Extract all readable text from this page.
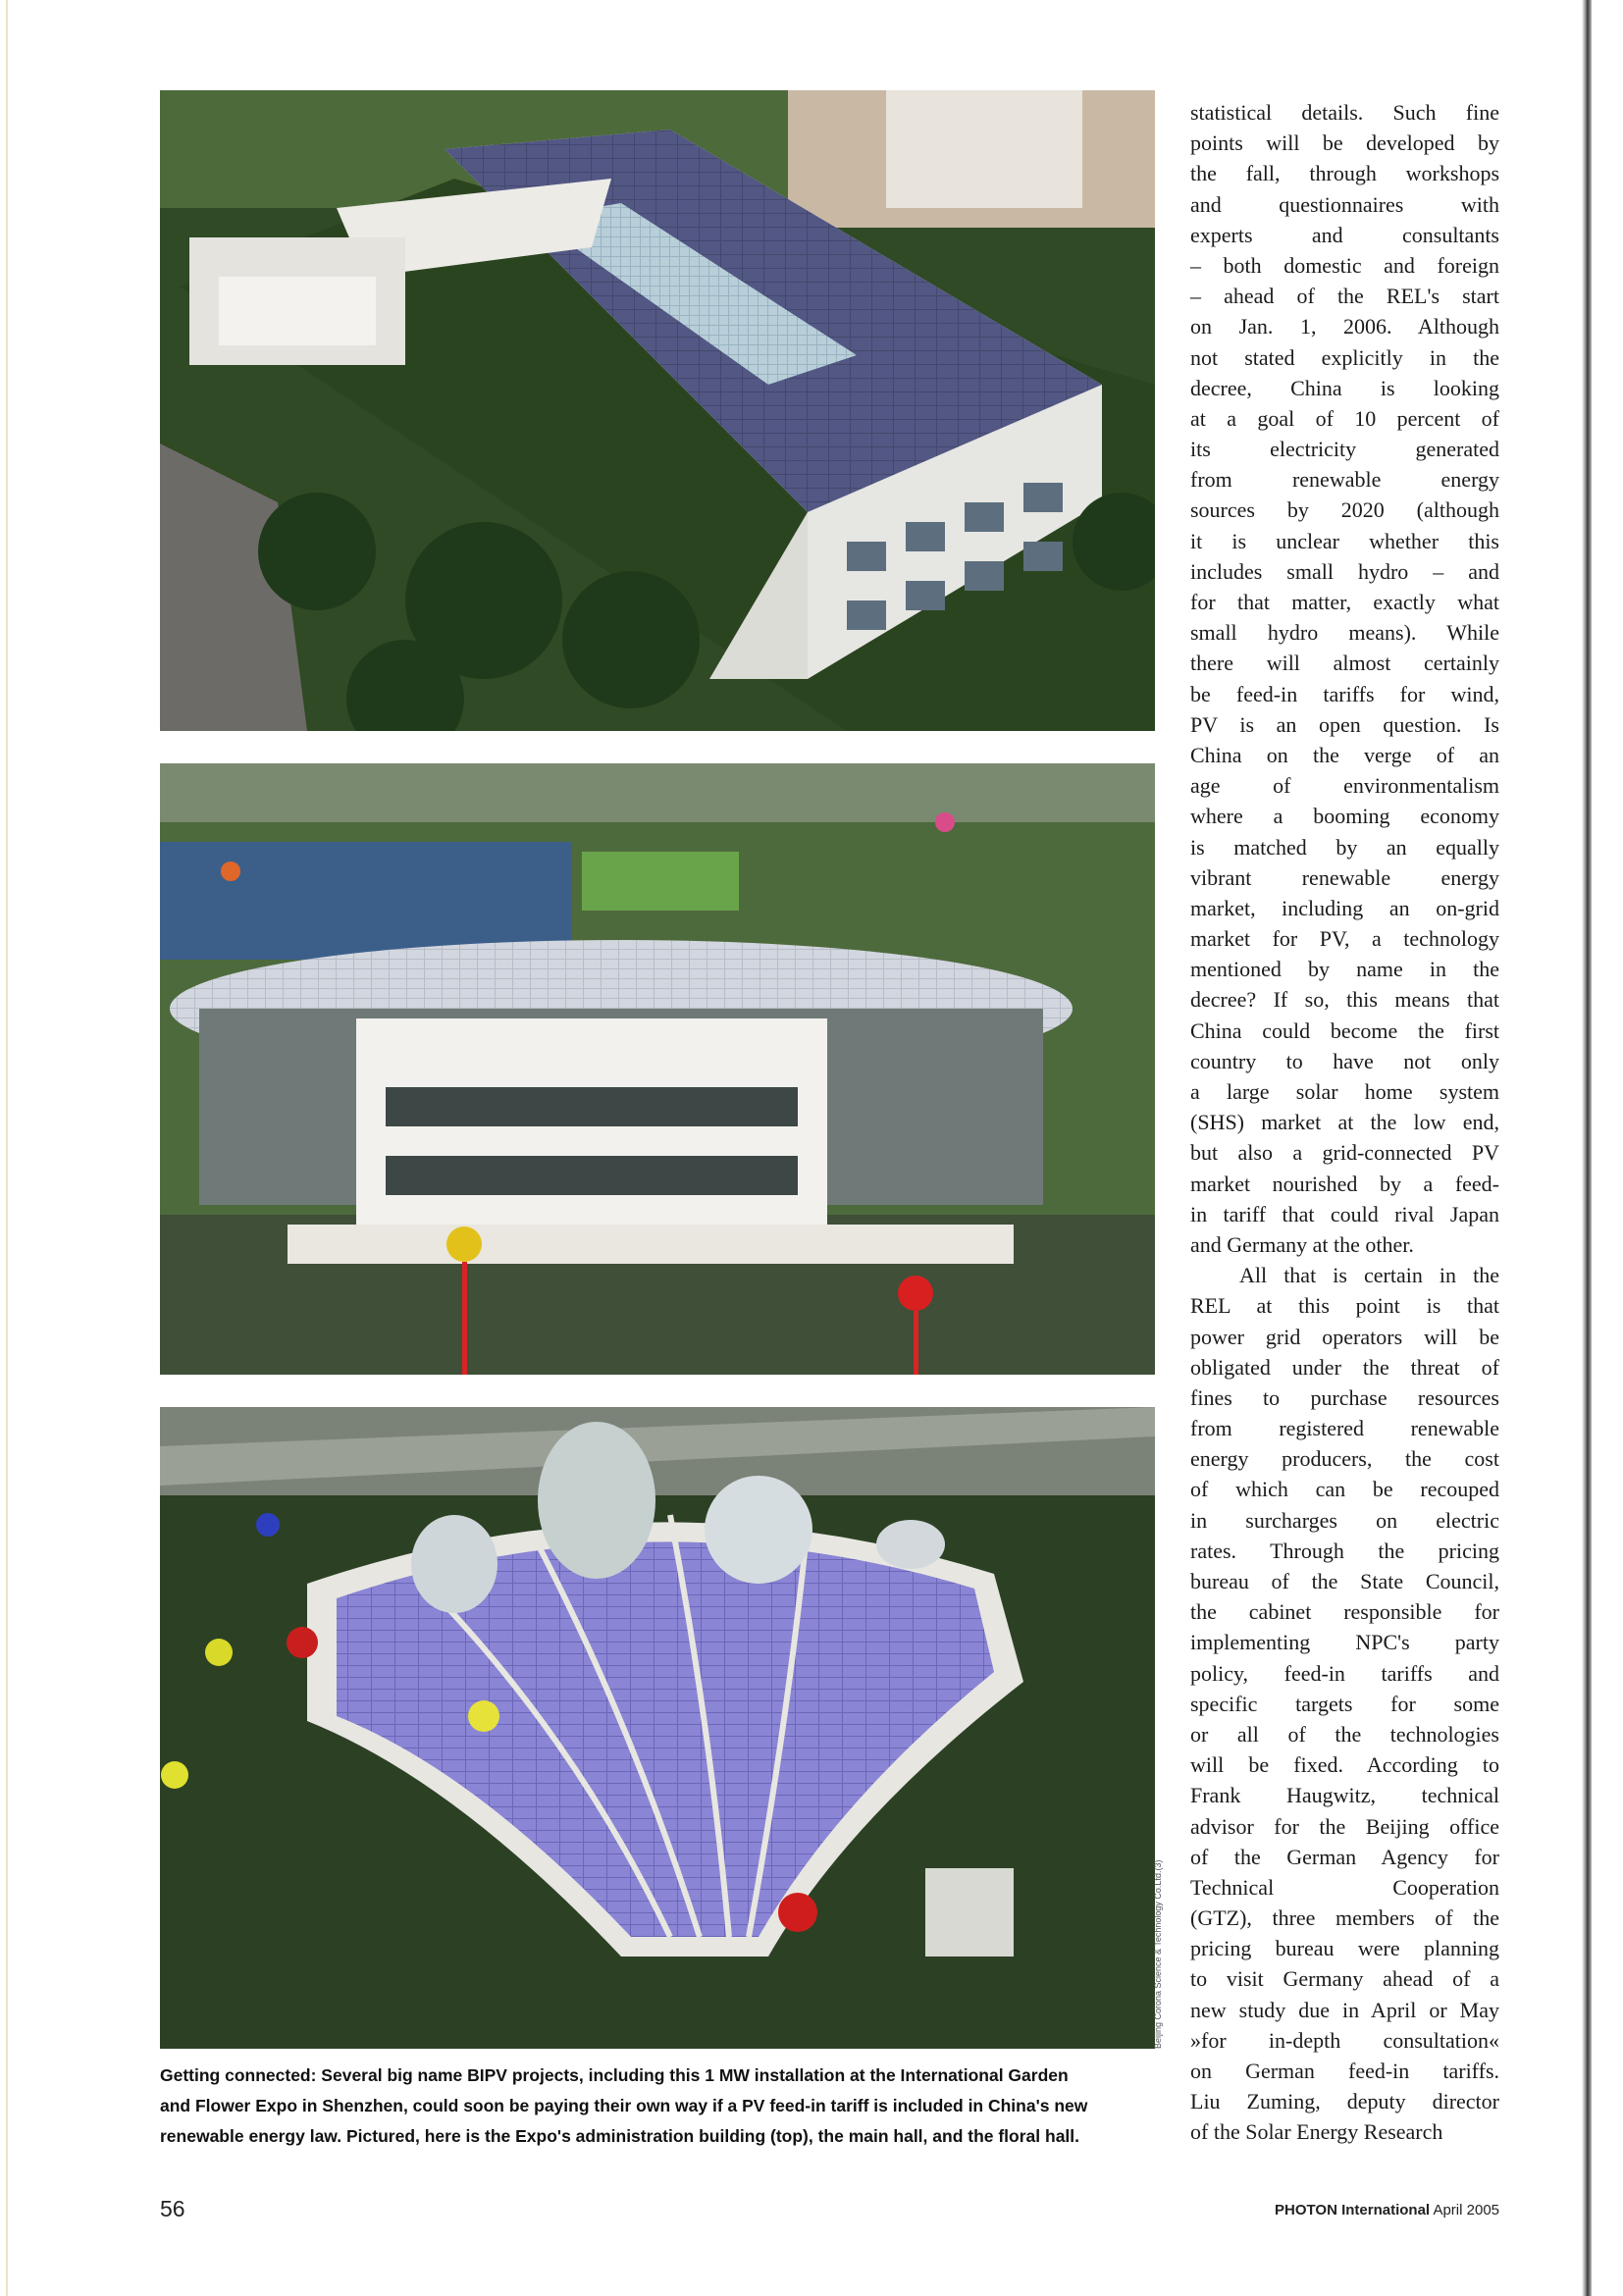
Beijing Corona Science & Technology Co.Ltd.(3)
Getting connected: Several big name BIPV projects, including this 1 MW installation at the International Garden
and Flower Expo in Shenzhen, could soon be paying their own way if a PV feed-in tariff is included in China's new
renewable energy law. Pictured, here is the Expo's administration building (top), the main hall, and the floral hall.
statistical details. Such fine
points will be developed by
the fall, through workshops
and questionnaires with
experts and consultants
– both domestic and foreign
– ahead of the REL's start
on Jan. 1, 2006. Although
not stated explicitly in the
decree, China is looking
at a goal of 10 percent of
its electricity generated
from renewable energy
sources by 2020 (although
it is unclear whether this
includes small hydro – and
for that matter, exactly what
small hydro means). While
there will almost certainly
be feed-in tariffs for wind,
PV is an open question. Is
China on the verge of an
age of environmentalism
where a booming economy
is matched by an equally
vibrant renewable energy
market, including an on-grid
market for PV, a technology
mentioned by name in the
decree? If so, this means that
China could become the first
country to have not only
a large solar home system
(SHS) market at the low end,
but also a grid-connected PV
market nourished by a feed-
in tariff that could rival Japan
and Germany at the other.
All that is certain in the
REL at this point is that
power grid operators will be
obligated under the threat of
fines to purchase resources
from registered renewable
energy producers, the cost
of which can be recouped
in surcharges on electric
rates. Through the pricing
bureau of the State Council,
the cabinet responsible for
implementing NPC's party
policy, feed-in tariffs and
specific targets for some
or all of the technologies
will be fixed. According to
Frank Haugwitz, technical
advisor for the Beijing office
of the German Agency for
Technical Cooperation
(GTZ), three members of the
pricing bureau were planning
to visit Germany ahead of a
new study due in April or May
»for in-depth consultation«
on German feed-in tariffs.
Liu Zuming, deputy director
of the Solar Energy Research
56	PHOTON International April 2005
